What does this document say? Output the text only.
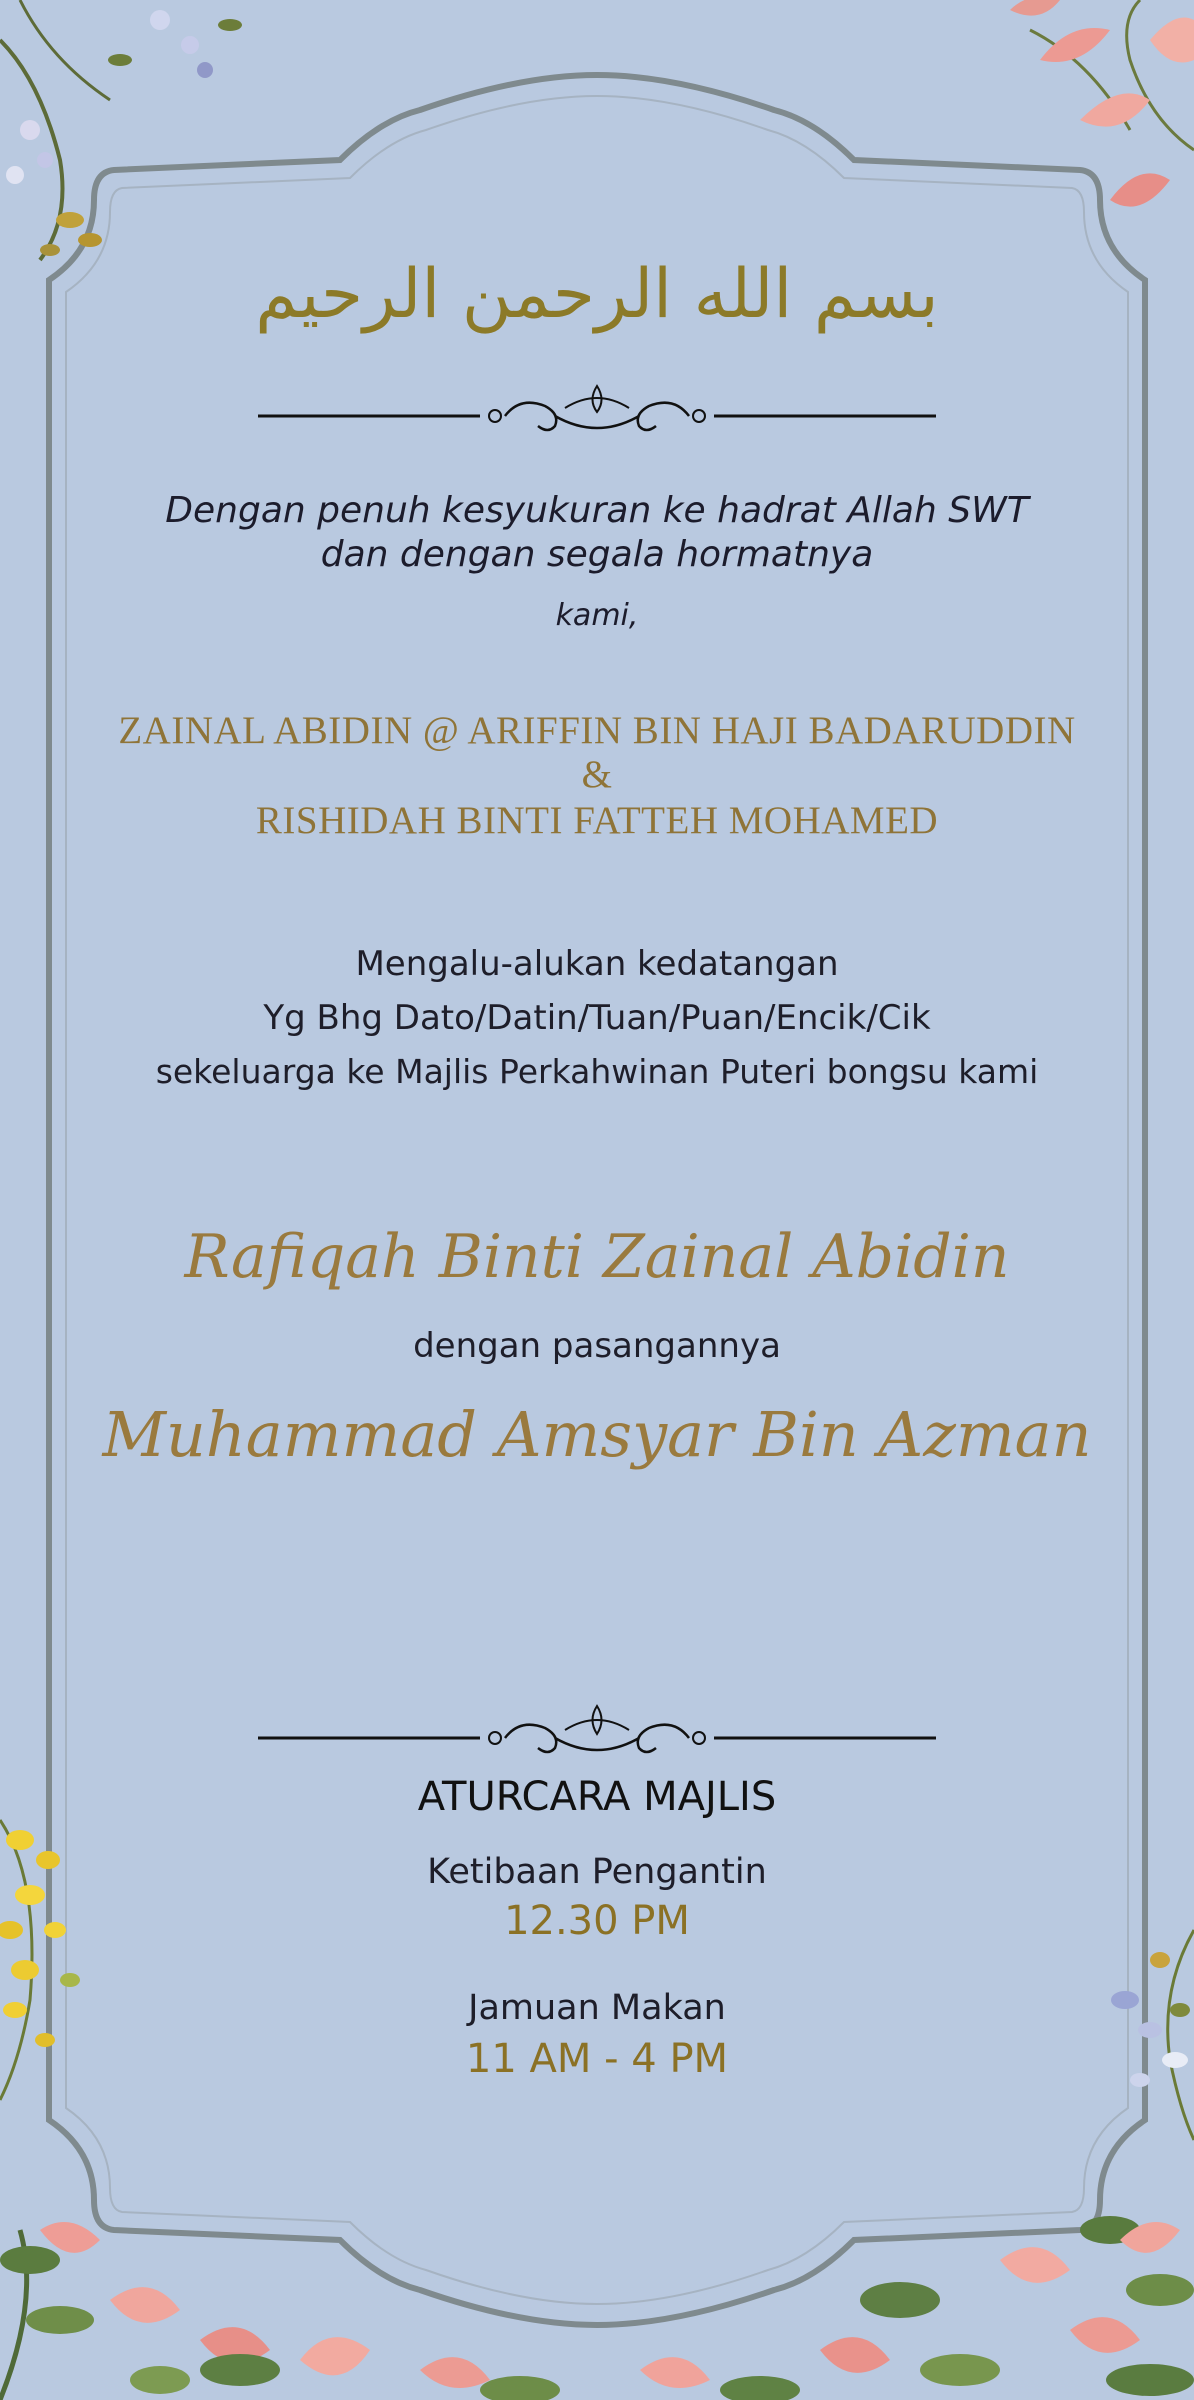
بسم الله الرحمن الرحيم

Dengan penuh kesyukuran ke hadrat Allah SWT

dan dengan segala hormatnya

kami,

ZAINAL ABIDIN @ ARIFFIN BIN HAJI BADARUDDIN

&

RISHIDAH BINTI FATTEH MOHAMED

Mengalu-alukan kedatangan

Yg Bhg Dato/Datin/Tuan/Puan/Encik/Cik

sekeluarga ke Majlis Perkahwinan Puteri bongsu kami

Rafiqah Binti Zainal Abidin

dengan pasangannya

Muhammad Amsyar Bin Azman

ATURCARA MAJLIS

Ketibaan Pengantin

12.30 PM

Jamuan Makan

11 AM - 4 PM
